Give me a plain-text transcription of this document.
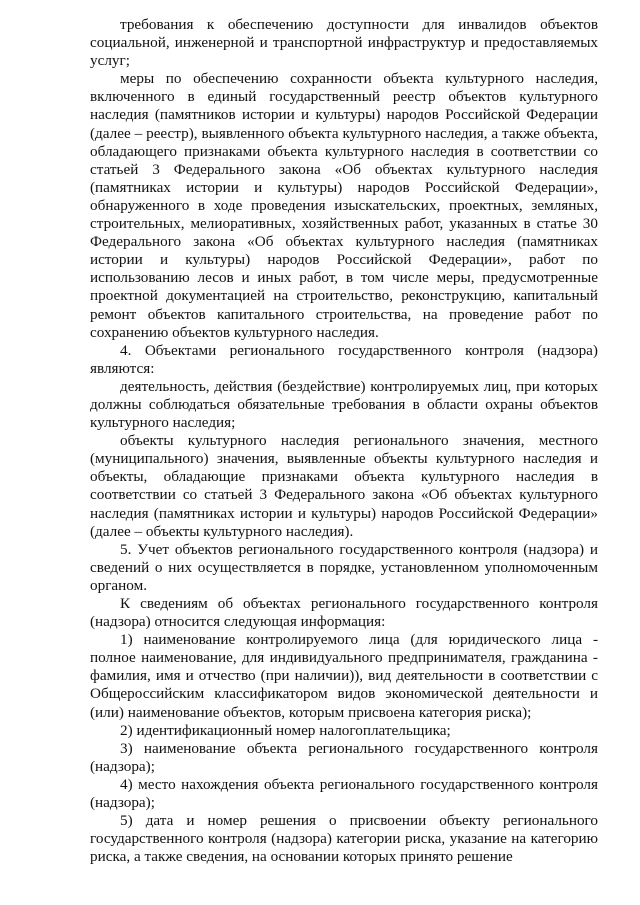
требования к обеспечению доступности для инвалидов объектов социальной, инженерной и транспортной инфраструктур и предоставляемых услуг;

меры по обеспечению сохранности объекта культурного наследия, включенного в единый государственный реестр объектов культурного наследия (памятников истории и культуры) народов Российской Федерации (далее – реестр), выявленного объекта культурного наследия, а также объекта, обладающего признаками объекта культурного наследия в соответствии со статьей 3 Федерального закона «Об объектах культурного наследия (памятниках истории и культуры) народов Российской Федерации», обнаруженного в ходе проведения изыскательских, проектных, земляных, строительных, мелиоративных, хозяйственных работ, указанных в статье 30 Федерального закона «Об объектах культурного наследия (памятниках истории и культуры) народов Российской Федерации», работ по использованию лесов и иных работ, в том числе меры, предусмотренные проектной документацией на строительство, реконструкцию, капитальный ремонт объектов капитального строительства, на проведение работ по сохранению объектов культурного наследия.

4. Объектами регионального государственного контроля (надзора) являются:

деятельность, действия (бездействие) контролируемых лиц, при которых должны соблюдаться обязательные требования в области охраны объектов культурного наследия;

объекты культурного наследия регионального значения, местного (муниципального) значения, выявленные объекты культурного наследия и объекты, обладающие признаками объекта культурного наследия в соответствии со статьей 3 Федерального закона «Об объектах культурного наследия (памятниках истории и культуры) народов Российской Федерации» (далее – объекты культурного наследия).

5. Учет объектов регионального государственного контроля (надзора) и сведений о них осуществляется в порядке, установленном уполномоченным органом.

К сведениям об объектах регионального государственного контроля (надзора) относится следующая информация:

1) наименование контролируемого лица (для юридического лица - полное наименование, для индивидуального предпринимателя, гражданина - фамилия, имя и отчество (при наличии)), вид деятельности в соответствии с Общероссийским классификатором видов экономической деятельности и (или) наименование объектов, которым присвоена категория риска);

2) идентификационный номер налогоплательщика;

3) наименование объекта регионального государственного контроля (надзора);

4) место нахождения объекта регионального государственного контроля (надзора);

5) дата и номер решения о присвоении объекту регионального государственного контроля (надзора) категории риска, указание на категорию риска, а также сведения, на основании которых принято решение
